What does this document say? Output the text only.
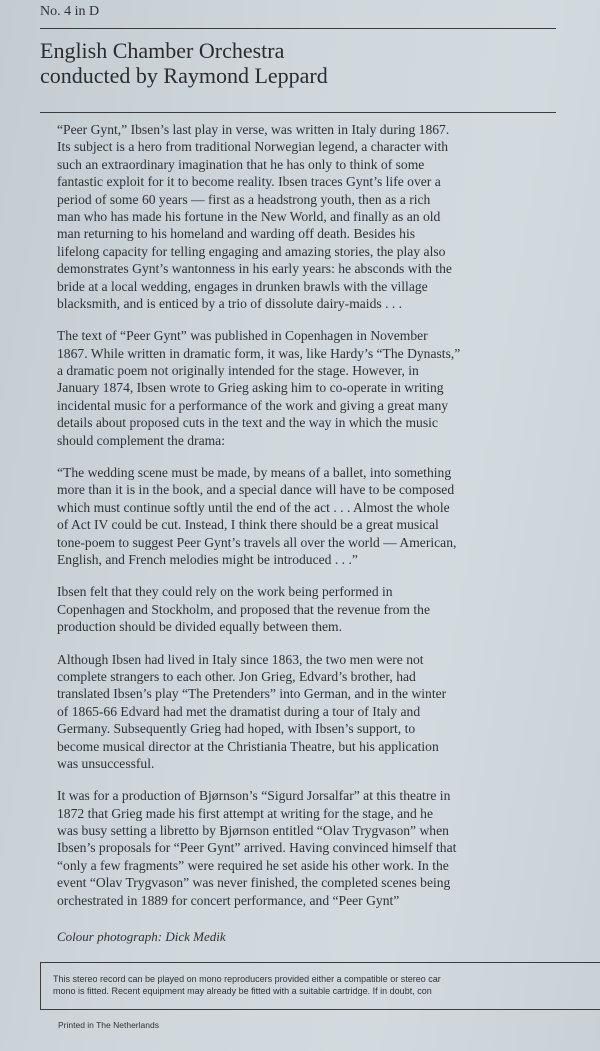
No. 4 in D
English Chamber Orchestra
conducted by Raymond Leppard
“Peer Gynt,” Ibsen’s last play in verse, was written in Italy during 1867.
Its subject is a hero from traditional Norwegian legend, a character with
such an extraordinary imagination that he has only to think of some
fantastic exploit for it to become reality. Ibsen traces Gynt’s life over a
period of some 60 years — first as a headstrong youth, then as a rich
man who has made his fortune in the New World, and finally as an old
man returning to his homeland and warding off death. Besides his
lifelong capacity for telling engaging and amazing stories, the play also
demonstrates Gynt’s wantonness in his early years: he absconds with the
bride at a local wedding, engages in drunken brawls with the village
blacksmith, and is enticed by a trio of dissolute dairy-maids . . .
The text of “Peer Gynt” was published in Copenhagen in November
1867. While written in dramatic form, it was, like Hardy’s “The Dynasts,”
a dramatic poem not originally intended for the stage. However, in
January 1874, Ibsen wrote to Grieg asking him to co-operate in writing
incidental music for a performance of the work and giving a great many
details about proposed cuts in the text and the way in which the music
should complement the drama:
“The wedding scene must be made, by means of a ballet, into something
more than it is in the book, and a special dance will have to be composed
which must continue softly until the end of the act . . . Almost the whole
of Act IV could be cut. Instead, I think there should be a great musical
tone-poem to suggest Peer Gynt’s travels all over the world — American,
English, and French melodies might be introduced . . .”
Ibsen felt that they could rely on the work being performed in
Copenhagen and Stockholm, and proposed that the revenue from the
production should be divided equally between them.
Although Ibsen had lived in Italy since 1863, the two men were not
complete strangers to each other. Jon Grieg, Edvard’s brother, had
translated Ibsen’s play “The Pretenders” into German, and in the winter
of 1865-66 Edvard had met the dramatist during a tour of Italy and
Germany. Subsequently Grieg had hoped, with Ibsen’s support, to
become musical director at the Christiania Theatre, but his application
was unsuccessful.
It was for a production of Bjørnson’s “Sigurd Jorsalfar” at this theatre in
1872 that Grieg made his first attempt at writing for the stage, and he
was busy setting a libretto by Bjørnson entitled “Olav Trygvason” when
Ibsen’s proposals for “Peer Gynt” arrived. Having convinced himself that
“only a few fragments” were required he set aside his other work. In the
event “Olav Trygvason” was never finished, the completed scenes being
orchestrated in 1889 for concert performance, and “Peer Gynt”
Colour photograph: Dick Medik
This stereo record can be played on mono reproducers provided either a compatible or stereo car
mono is fitted. Recent equipment may already be fitted with a suitable cartridge. If in doubt, con
Printed in The Netherlands
